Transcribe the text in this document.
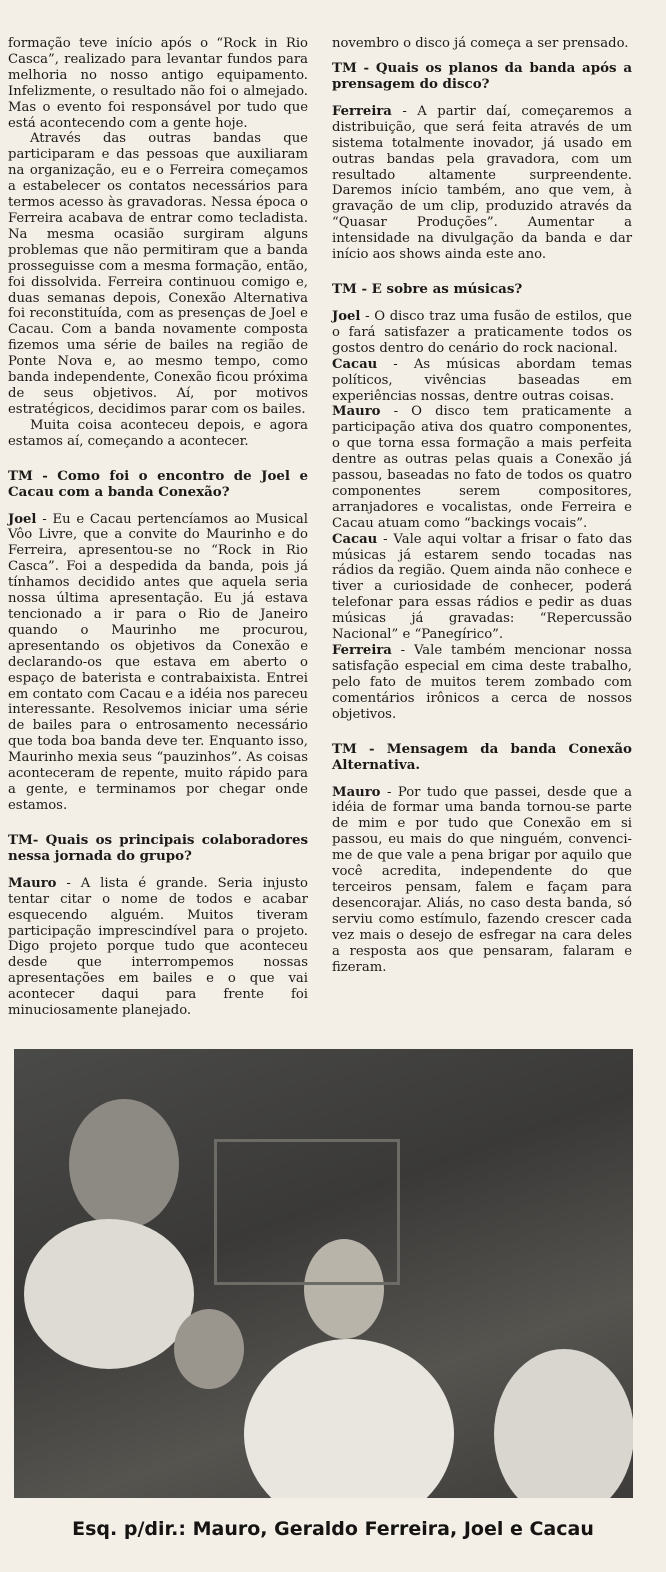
formação teve início após o “Rock in Rio Casca”, realizado para levantar fundos para melhoria no nosso antigo equipamento. Infelizmente, o resultado não foi o almejado. Mas o evento foi responsável por tudo que está acontecendo com a gente hoje.

Através das outras bandas que participaram e das pessoas que auxiliaram na organização, eu e o Ferreira começamos a estabelecer os contatos necessários para termos acesso às gravadoras. Nessa época o Ferreira acabava de entrar como tecladista. Na mesma ocasião surgiram alguns problemas que não permitiram que a banda prosseguisse com a mesma formação, então, foi dissolvida. Ferreira continuou comigo e, duas semanas depois, Conexão Alternativa foi reconstituída, com as presenças de Joel e Cacau. Com a banda novamente composta fizemos uma série de bailes na região de Ponte Nova e, ao mesmo tempo, como banda independente, Conexão ficou próxima de seus objetivos. Aí, por motivos estratégicos, decidimos parar com os bailes.

Muita coisa aconteceu depois, e agora estamos aí, começando a acontecer.

TM - Como foi o encontro de Joel e Cacau com a banda Conexão?

Joel - Eu e Cacau pertencíamos ao Musical Vôo Livre, que a convite do Maurinho e do Ferreira, apresentou-se no “Rock in Rio Casca”. Foi a despedida da banda, pois já tínhamos decidido antes que aquela seria nossa última apresentação. Eu já estava tencionado a ir para o Rio de Janeiro quando o Maurinho me procurou, apresentando os objetivos da Conexão e declarando-os que estava em aberto o espaço de baterista e contrabaixista. Entrei em contato com Cacau e a idéia nos pareceu interessante. Resolvemos iniciar uma série de bailes para o entrosamento necessário que toda boa banda deve ter. Enquanto isso, Maurinho mexia seus “pauzinhos”. As coisas aconteceram de repente, muito rápido para a gente, e terminamos por chegar onde estamos.

TM- Quais os principais colaboradores nessa jornada do grupo?

Mauro - A lista é grande. Seria injusto tentar citar o nome de todos e acabar esquecendo alguém. Muitos tiveram participação imprescindível para o projeto. Digo projeto porque tudo que aconteceu desde que interrompemos nossas apresentações em bailes e o que vai acontecer daqui para frente foi minuciosamente planejado.

novembro o disco já começa a ser prensado.

TM - Quais os planos da banda após a prensagem do disco?

Ferreira - A partir daí, começaremos a distribuição, que será feita através de um sistema totalmente inovador, já usado em outras bandas pela gravadora, com um resultado altamente surpreendente. Daremos início também, ano que vem, à gravação de um clip, produzido através da “Quasar Produções”. Aumentar a intensidade na divulgação da banda e dar início aos shows ainda este ano.

TM - E sobre as músicas?

Joel - O disco traz uma fusão de estilos, que o fará satisfazer a praticamente todos os gostos dentro do cenário do rock nacional.

Cacau - As músicas abordam temas políticos, vivências baseadas em experiências nossas, dentre outras coisas.

Mauro - O disco tem praticamente a participação ativa dos quatro componentes, o que torna essa formação a mais perfeita dentre as outras pelas quais a Conexão já passou, baseadas no fato de todos os quatro componentes serem compositores, arranjadores e vocalistas, onde Ferreira e Cacau atuam como “backings vocais”.

Cacau - Vale aqui voltar a frisar o fato das músicas já estarem sendo tocadas nas rádios da região. Quem ainda não conhece e tiver a curiosidade de conhecer, poderá telefonar para essas rádios e pedir as duas músicas já gravadas: “Repercussão Nacional” e “Panegírico”.

Ferreira - Vale também mencionar nossa satisfação especial em cima deste trabalho, pelo fato de muitos terem zombado com comentários irônicos a cerca de nossos objetivos.

TM - Mensagem da banda Conexão Alternativa.

Mauro - Por tudo que passei, desde que a idéia de formar uma banda tornou-se parte de mim e por tudo que Conexão em si passou, eu mais do que ninguém, convenci-me de que vale a pena brigar por aquilo que você acredita, independente do que terceiros pensam, falem e façam para desencorajar. Aliás, no caso desta banda, só serviu como estímulo, fazendo crescer cada vez mais o desejo de esfregar na cara deles a resposta aos que pensaram, falaram e fizeram.

Esq. p/dir.: Mauro, Geraldo Ferreira, Joel e Cacau
